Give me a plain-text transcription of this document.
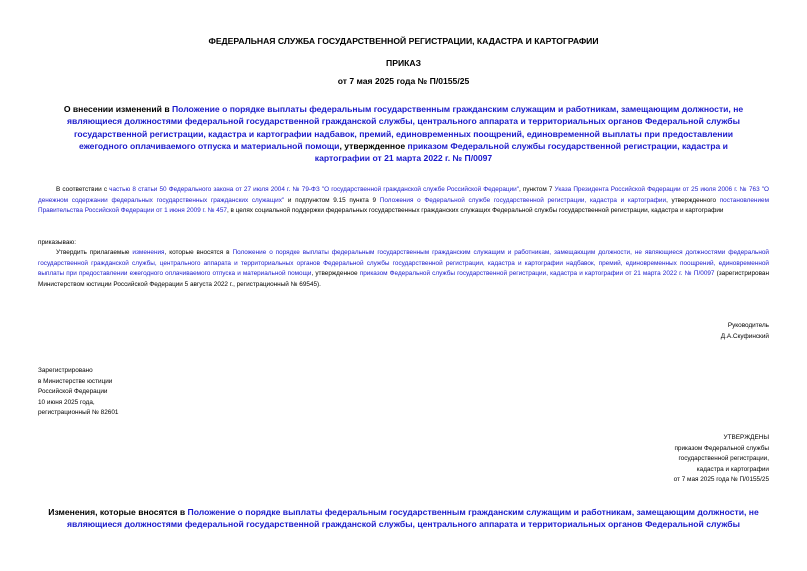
ФЕДЕРАЛЬНАЯ СЛУЖБА ГОСУДАРСТВЕННОЙ РЕГИСТРАЦИИ, КАДАСТРА И КАРТОГРАФИИ
ПРИКАЗ
от 7 мая 2025 года № П/0155/25
О внесении изменений в Положение о порядке выплаты федеральным государственным гражданским служащим и работникам, замещающим должности, не являющиеся должностями федеральной государственной гражданской службы, центрального аппарата и территориальных органов Федеральной службы государственной регистрации, кадастра и картографии надбавок, премий, единовременных поощрений, единовременной выплаты при предоставлении ежегодного оплачиваемого отпуска и материальной помощи, утвержденное приказом Федеральной службы государственной регистрации, кадастра и картографии от 21 марта 2022 г. № П/0097
В соответствии с частью 8 статьи 50 Федерального закона от 27 июля 2004 г. № 79-ФЗ "О государственной гражданской службе Российской Федерации", пунктом 7 Указа Президента Российской Федерации от 25 июля 2006 г. № 763 "О денежном содержании федеральных государственных гражданских служащих" и подпунктом 9.15 пункта 9 Положения о Федеральной службе государственной регистрации, кадастра и картографии, утвержденного постановлением Правительства Российской Федерации от 1 июня 2009 г. № 457, в целях социальной поддержки федеральных государственных гражданских служащих Федеральной службы государственной регистрации, кадастра и картографии
приказываю:
Утвердить прилагаемые изменения, которые вносятся в Положение о порядке выплаты федеральным государственным гражданским служащим и работникам, замещающим должности, не являющиеся должностями федеральной государственной гражданской службы, центрального аппарата и территориальных органов Федеральной службы государственной регистрации, кадастра и картографии надбавок, премий, единовременных поощрений, единовременной выплаты при предоставлении ежегодного оплачиваемого отпуска и материальной помощи, утвержденное приказом Федеральной службы государственной регистрации, кадастра и картографии от 21 марта 2022 г. № П/0097 (зарегистрирован Министерством юстиции Российской Федерации 5 августа 2022 г., регистрационный № 69545).
Руководитель
Д.А.Скуфинский
Зарегистрировано
в Министерстве юстиции
Российской Федерации
10 июня 2025 года,
регистрационный № 82601
УТВЕРЖДЕНЫ
приказом Федеральной службы
государственной регистрации,
кадастра и картографии
от 7 мая 2025 года № П/0155/25
Изменения, которые вносятся в Положение о порядке выплаты федеральным государственным гражданским служащим и работникам, замещающим должности, не являющиеся должностями федеральной государственной гражданской службы, центрального аппарата и территориальных органов Федеральной службы
